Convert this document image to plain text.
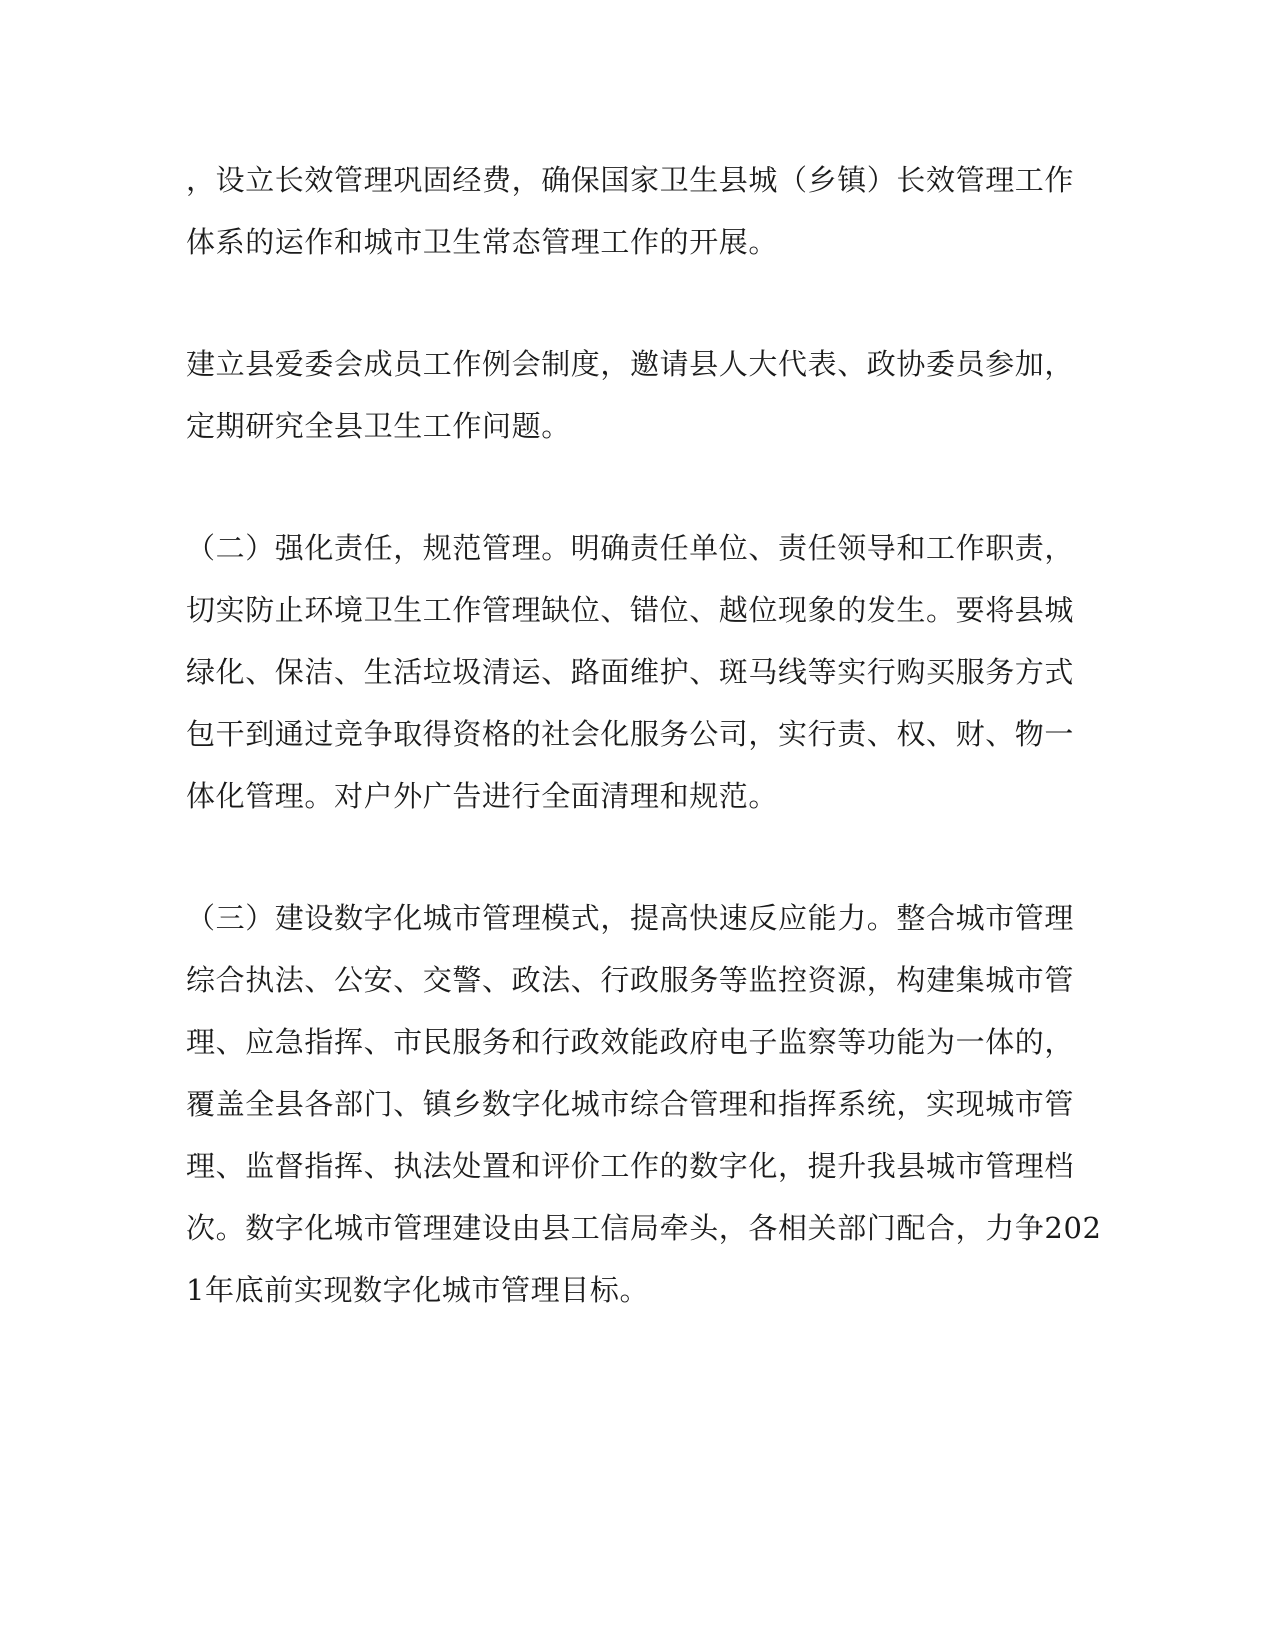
，设立长效管理巩固经费，确保国家卫生县城（乡镇）长效管理工作

体系的运作和城市卫生常态管理工作的开展。

建立县爱委会成员工作例会制度，邀请县人大代表、政协委员参加，

定期研究全县卫生工作问题。

（二）强化责任，规范管理。明确责任单位、责任领导和工作职责，

切实防止环境卫生工作管理缺位、错位、越位现象的发生。要将县城

绿化、保洁、生活垃圾清运、路面维护、斑马线等实行购买服务方式

包干到通过竞争取得资格的社会化服务公司，实行责、权、财、物一

体化管理。对户外广告进行全面清理和规范。

（三）建设数字化城市管理模式，提高快速反应能力。整合城市管理

综合执法、公安、交警、政法、行政服务等监控资源，构建集城市管

理、应急指挥、市民服务和行政效能政府电子监察等功能为一体的，

覆盖全县各部门、镇乡数字化城市综合管理和指挥系统，实现城市管

理、监督指挥、执法处置和评价工作的数字化，提升我县城市管理档

次。数字化城市管理建设由县工信局牵头，各相关部门配合，力争202

1年底前实现数字化城市管理目标。
